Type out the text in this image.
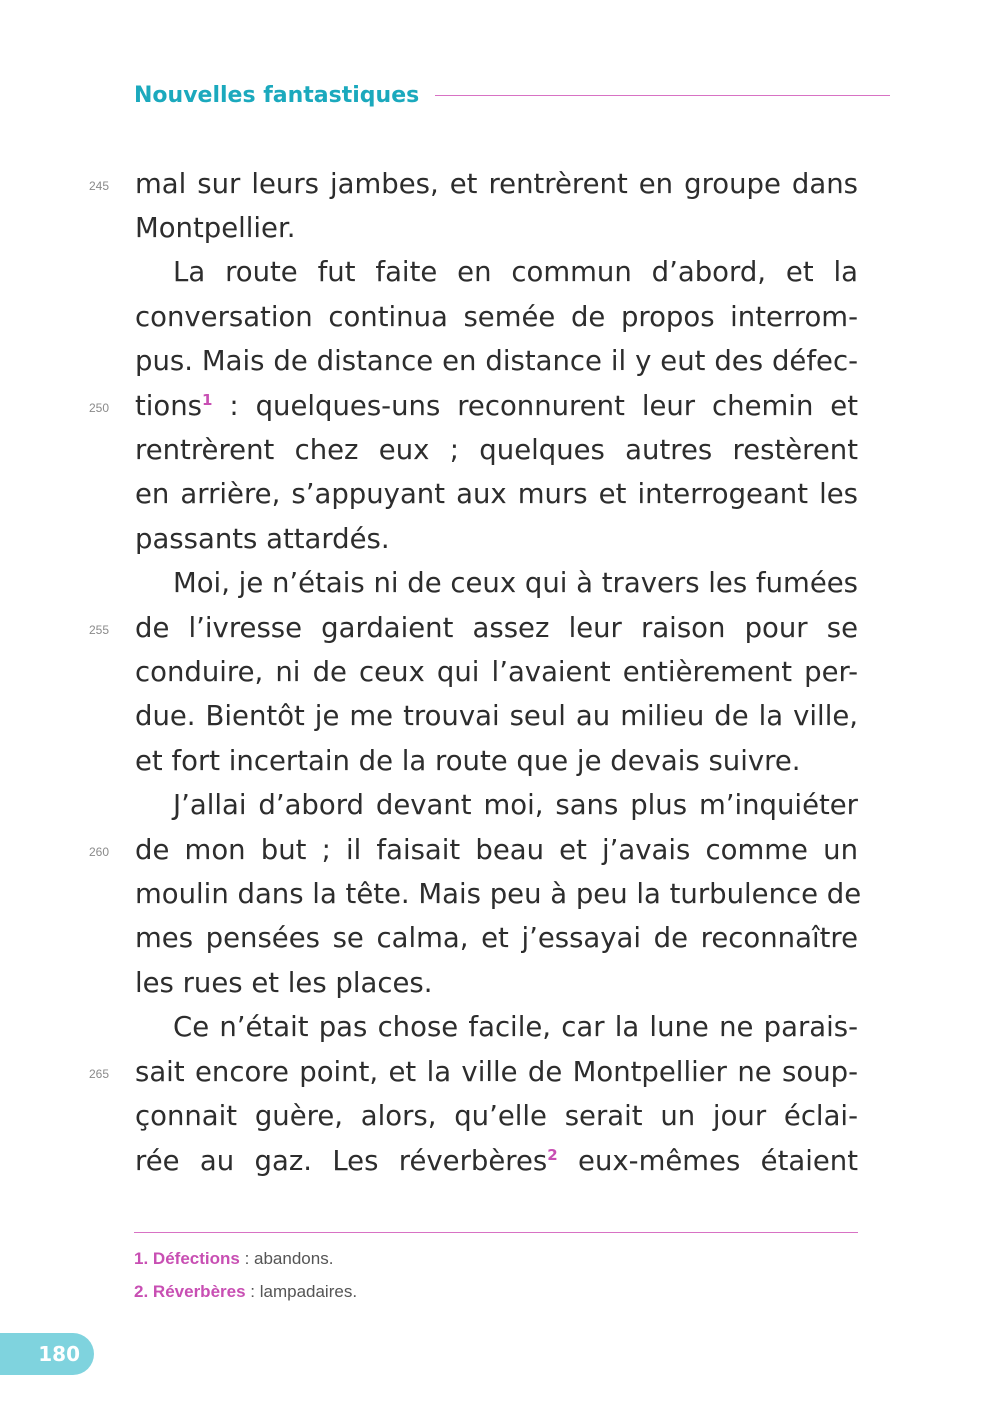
Nouvelles fantastiques
245
250
255
260
265
mal sur leurs jambes, et rentrèrent en groupe dans
Montpellier.
La route fut faite en commun d’abord, et la
conversation continua semée de propos interrom-
pus. Mais de distance en distance il y eut des défec-
tions$^1$ : quelques-uns reconnurent leur chemin et
rentrèrent chez eux ; quelques autres restèrent
en arrière, s’appuyant aux murs et interrogeant les
passants attardés.
Moi, je n’étais ni de ceux qui à travers les fumées
de l’ivresse gardaient assez leur raison pour se
conduire, ni de ceux qui l’avaient entièrement per-
due. Bientôt je me trouvai seul au milieu de la ville,
et fort incertain de la route que je devais suivre.
J’allai d’abord devant moi, sans plus m’inquiéter
de mon but ; il faisait beau et j’avais comme un
moulin dans la tête. Mais peu à peu la turbulence de
mes pensées se calma, et j’essayai de reconnaître
les rues et les places.
Ce n’était pas chose facile, car la lune ne parais-
sait encore point, et la ville de Montpellier ne soup-
çonnait guère, alors, qu’elle serait un jour éclai-
rée au gaz. Les réverbères$^2$ eux-mêmes étaient
1. Défections : abandons.
2. Réverbères : lampadaires.
180
